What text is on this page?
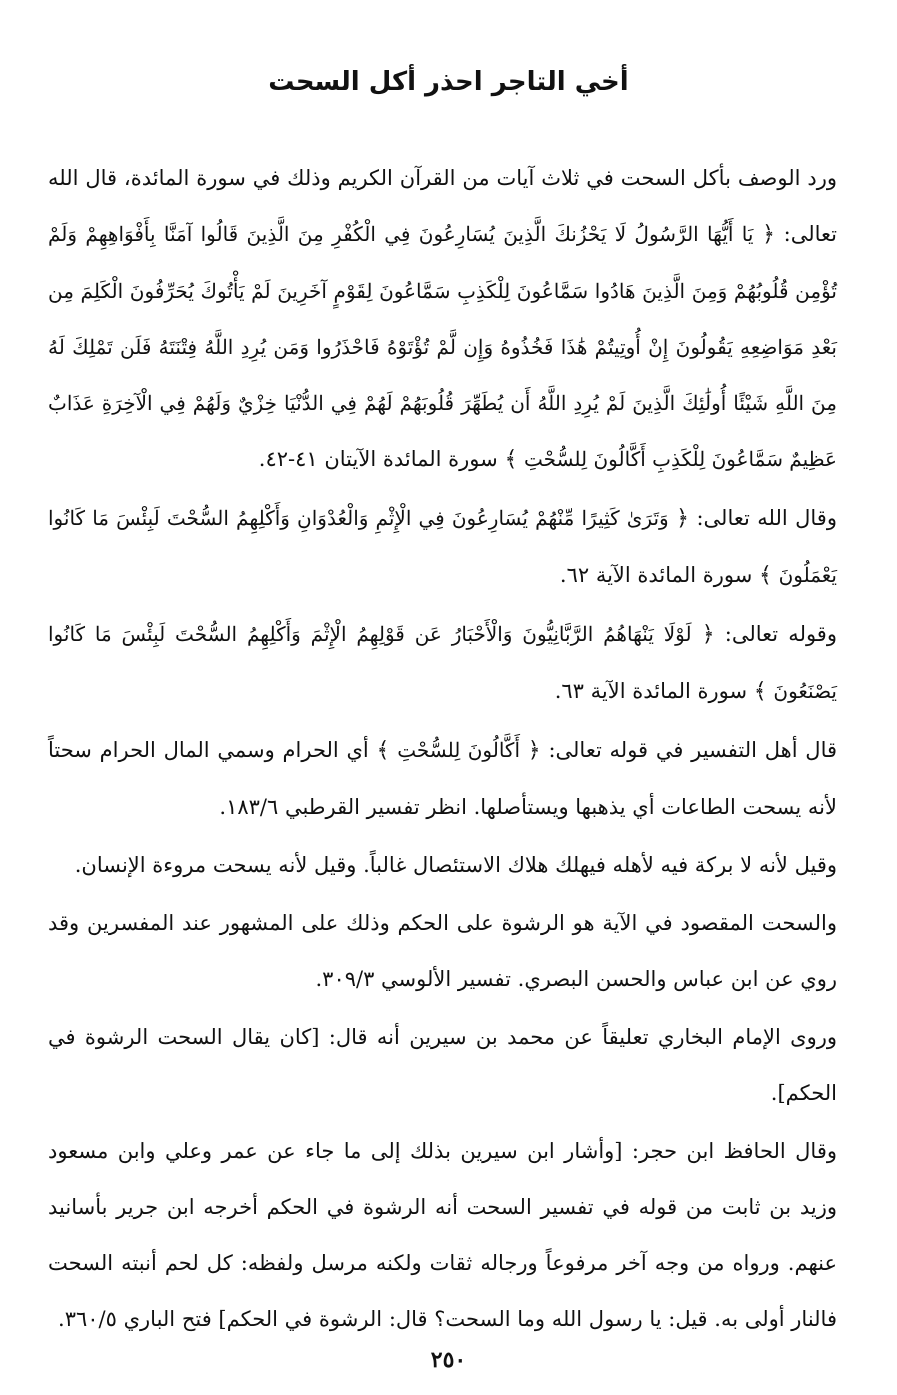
أخي التاجر احذر أكل السحت

ورد الوصف بأكل السحت في ثلاث آيات من القرآن الكريم وذلك في سورة المائدة، قال الله تعالى: ﴿ يَا أَيُّهَا الرَّسُولُ لَا يَحْزُنكَ الَّذِينَ يُسَارِعُونَ فِي الْكُفْرِ مِنَ الَّذِينَ قَالُوا آمَنَّا بِأَفْوَاهِهِمْ وَلَمْ تُؤْمِن قُلُوبُهُمْ وَمِنَ الَّذِينَ هَادُوا سَمَّاعُونَ لِلْكَذِبِ سَمَّاعُونَ لِقَوْمٍ آخَرِينَ لَمْ يَأْتُوكَ يُحَرِّفُونَ الْكَلِمَ مِن بَعْدِ مَوَاضِعِهِ يَقُولُونَ إِنْ أُوتِيتُمْ هَٰذَا فَخُذُوهُ وَإِن لَّمْ تُؤْتَوْهُ فَاحْذَرُوا وَمَن يُرِدِ اللَّهُ فِتْنَتَهُ فَلَن تَمْلِكَ لَهُ مِنَ اللَّهِ شَيْئًا أُولَٰئِكَ الَّذِينَ لَمْ يُرِدِ اللَّهُ أَن يُطَهِّرَ قُلُوبَهُمْ لَهُمْ فِي الدُّنْيَا خِزْيٌ وَلَهُمْ فِي الْآخِرَةِ عَذَابٌ عَظِيمٌ سَمَّاعُونَ لِلْكَذِبِ أَكَّالُونَ لِلسُّحْتِ ﴾ سورة المائدة الآيتان ٤١-٤٢.

وقال الله تعالى: ﴿ وَتَرَىٰ كَثِيرًا مِّنْهُمْ يُسَارِعُونَ فِي الْإِثْمِ وَالْعُدْوَانِ وَأَكْلِهِمُ السُّحْتَ لَبِئْسَ مَا كَانُوا يَعْمَلُونَ ﴾ سورة المائدة الآية ٦٢.

وقوله تعالى: ﴿ لَوْلَا يَنْهَاهُمُ الرَّبَّانِيُّونَ وَالْأَحْبَارُ عَن قَوْلِهِمُ الْإِثْمَ وَأَكْلِهِمُ السُّحْتَ لَبِئْسَ مَا كَانُوا يَصْنَعُونَ ﴾ سورة المائدة الآية ٦٣.

قال أهل التفسير في قوله تعالى: ﴿ أَكَّالُونَ لِلسُّحْتِ ﴾ أي الحرام وسمي المال الحرام سحتاً لأنه يسحت الطاعات أي يذهبها ويستأصلها. انظر تفسير القرطبي ١٨٣/٦.

وقيل لأنه لا بركة فيه لأهله فيهلك هلاك الاستئصال غالباً. وقيل لأنه يسحت مروءة الإنسان.

والسحت المقصود في الآية هو الرشوة على الحكم وذلك على المشهور عند المفسرين وقد روي عن ابن عباس والحسن البصري. تفسير الألوسي ٣٠٩/٣.

وروى الإمام البخاري تعليقاً عن محمد بن سيرين أنه قال: [كان يقال السحت الرشوة في الحكم].

وقال الحافظ ابن حجر: [وأشار ابن سيرين بذلك إلى ما جاء عن عمر وعلي وابن مسعود وزيد بن ثابت من قوله في تفسير السحت أنه الرشوة في الحكم أخرجه ابن جرير بأسانيد عنهم. ورواه من وجه آخر مرفوعاً ورجاله ثقات ولكنه مرسل ولفظه: كل لحم أنبته السحت فالنار أولى به. قيل: يا رسول الله وما السحت؟ قال: الرشوة في الحكم] فتح الباري ٣٦٠/٥.

٢٥٠
